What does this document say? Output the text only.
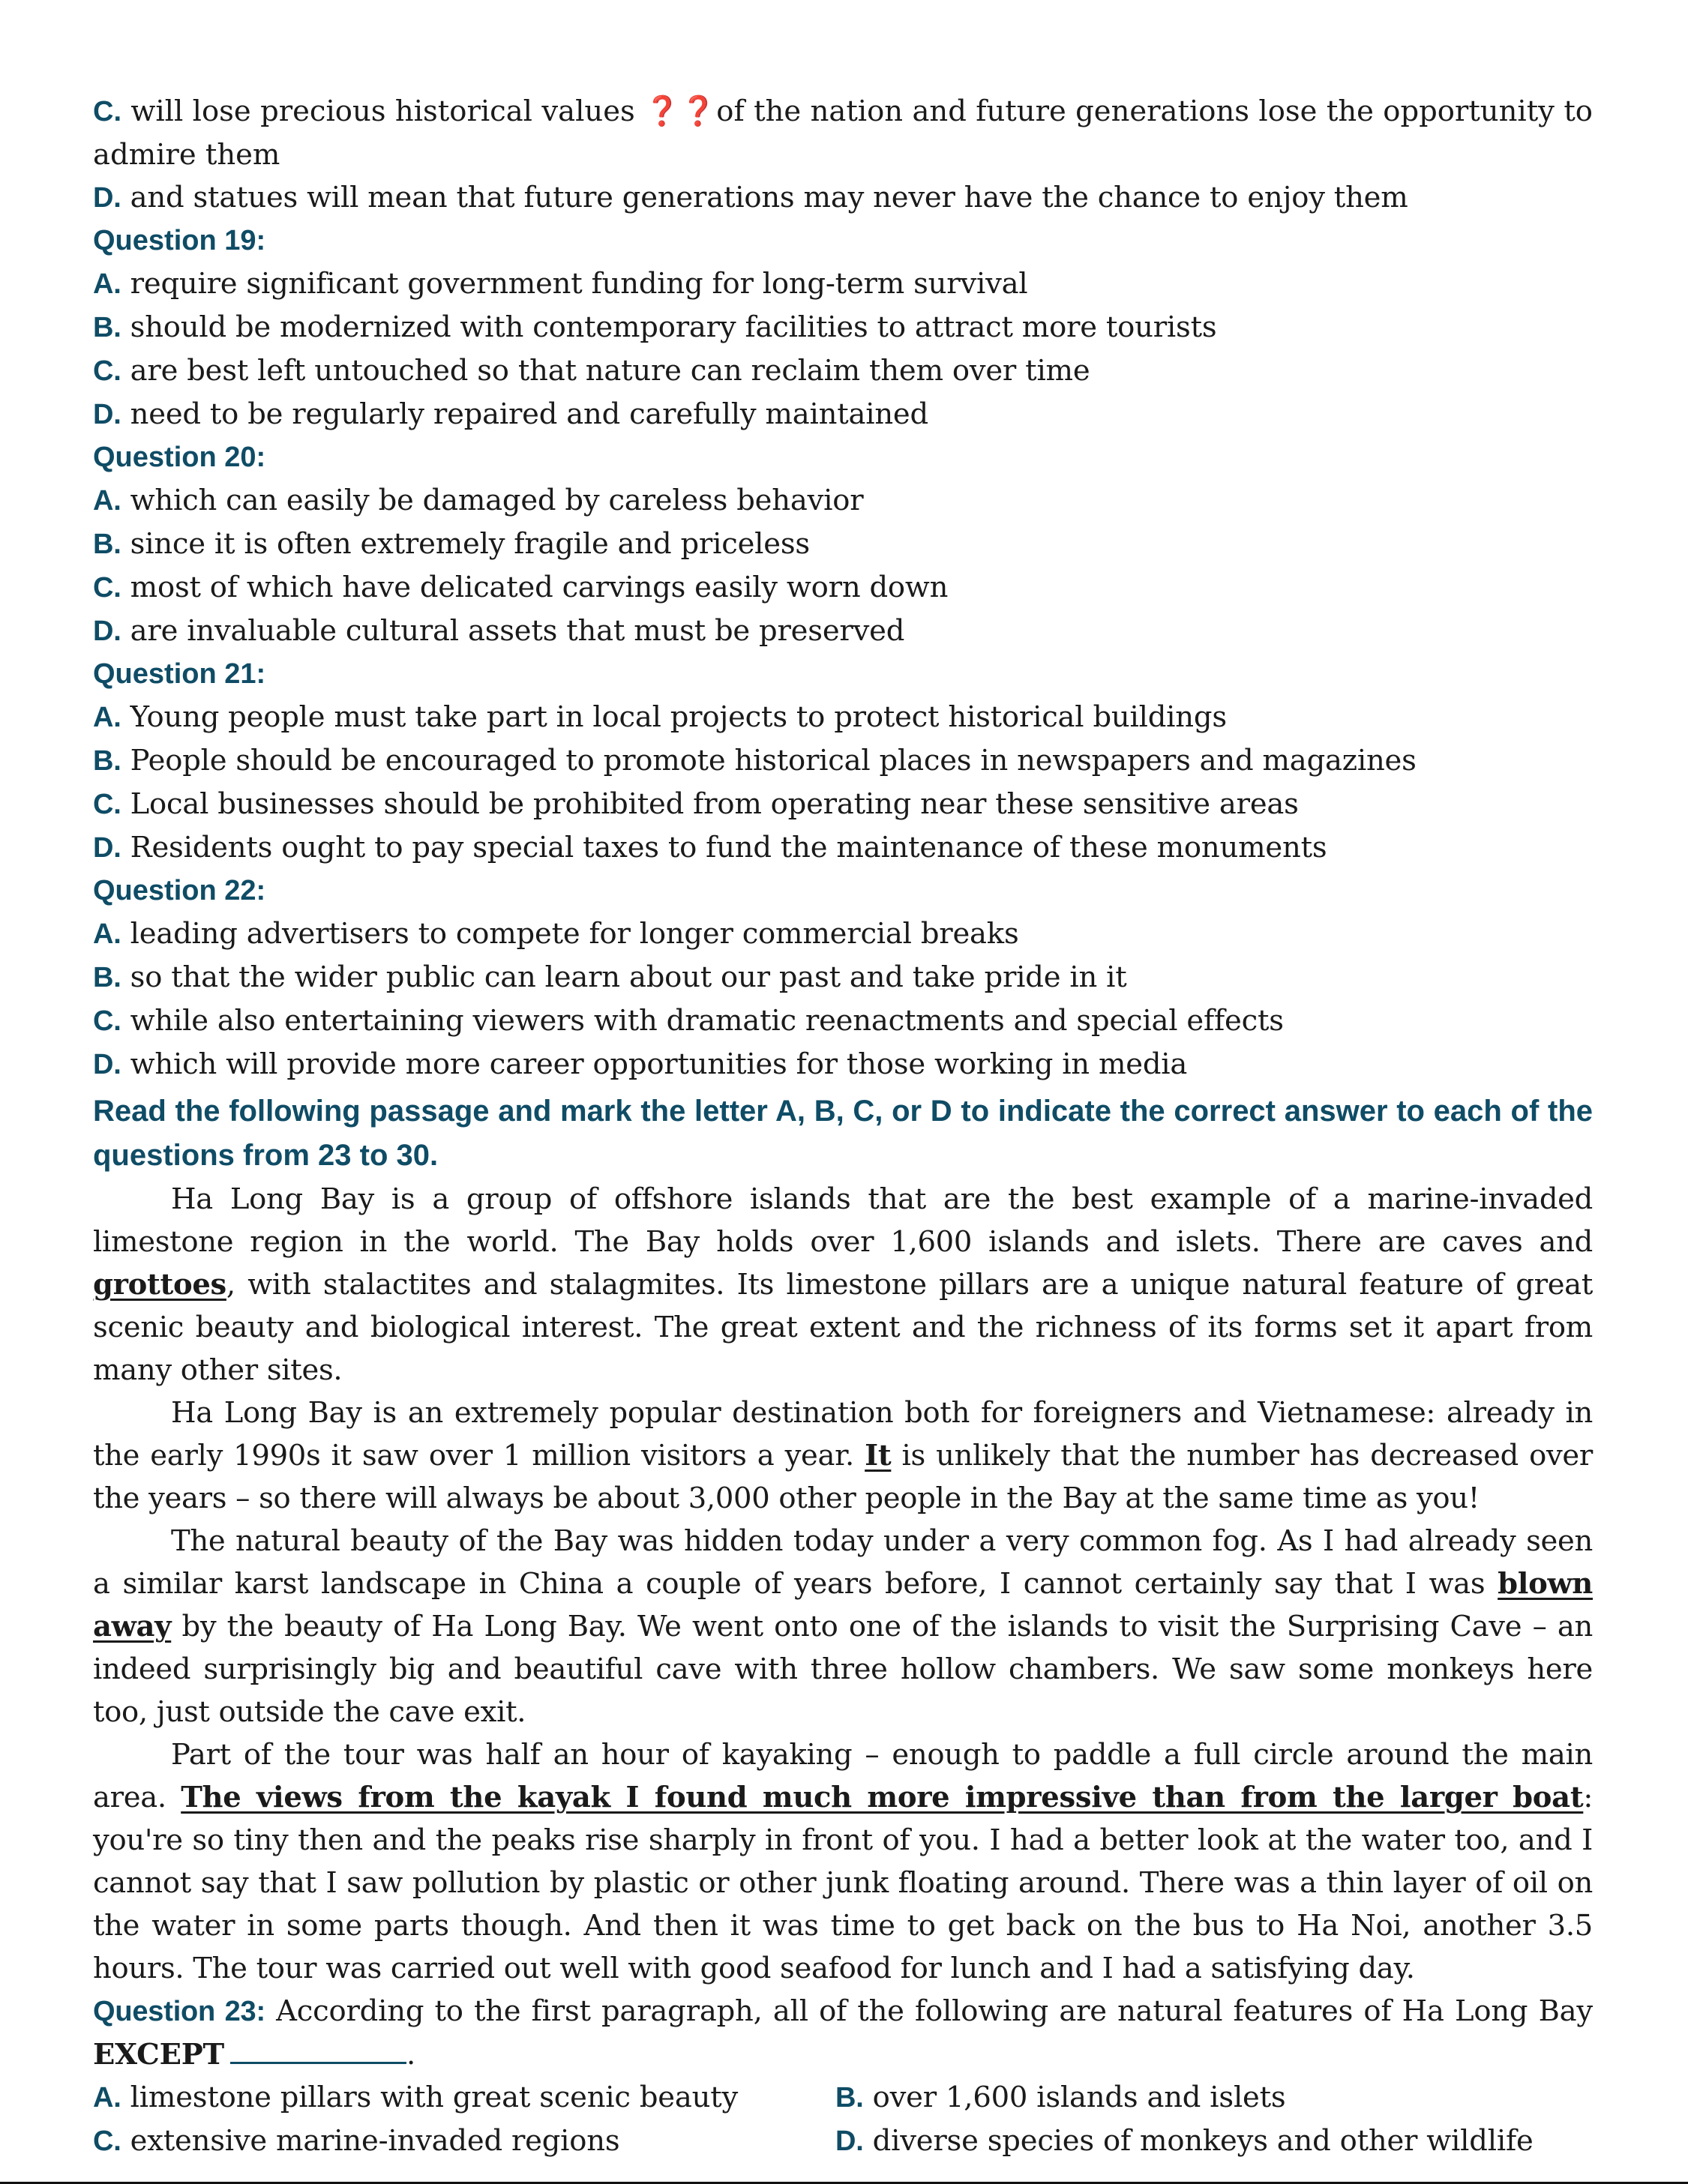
C. will lose precious historical values ❓❓of the nation and future generations lose the opportunity to admire them
D. and statues will mean that future generations may never have the chance to enjoy them
Question 19:
A. require significant government funding for long-term survival
B. should be modernized with contemporary facilities to attract more tourists
C. are best left untouched so that nature can reclaim them over time
D. need to be regularly repaired and carefully maintained
Question 20:
A. which can easily be damaged by careless behavior
B. since it is often extremely fragile and priceless
C. most of which have delicated carvings easily worn down
D. are invaluable cultural assets that must be preserved
Question 21:
A. Young people must take part in local projects to protect historical buildings
B. People should be encouraged to promote historical places in newspapers and magazines
C. Local businesses should be prohibited from operating near these sensitive areas
D. Residents ought to pay special taxes to fund the maintenance of these monuments
Question 22:
A. leading advertisers to compete for longer commercial breaks
B. so that the wider public can learn about our past and take pride in it
C. while also entertaining viewers with dramatic reenactments and special effects
D. which will provide more career opportunities for those working in media
Read the following passage and mark the letter A, B, C, or D to indicate the correct answer to each of the questions from 23 to 30.

Ha Long Bay is a group of offshore islands that are the best example of a marine-invaded limestone region in the world. The Bay holds over 1,600 islands and islets. There are caves and grottoes, with stalactites and stalagmites. Its limestone pillars are a unique natural feature of great scenic beauty and biological interest. The great extent and the richness of its forms set it apart from many other sites.

Ha Long Bay is an extremely popular destination both for foreigners and Vietnamese: already in the early 1990s it saw over 1 million visitors a year. It is unlikely that the number has decreased over the years – so there will always be about 3,000 other people in the Bay at the same time as you!

The natural beauty of the Bay was hidden today under a very common fog. As I had already seen a similar karst landscape in China a couple of years before, I cannot certainly say that I was blown away by the beauty of Ha Long Bay. We went onto one of the islands to visit the Surprising Cave – an indeed surprisingly big and beautiful cave with three hollow chambers. We saw some monkeys here too, just outside the cave exit.

Part of the tour was half an hour of kayaking – enough to paddle a full circle around the main area. The views from the kayak I found much more impressive than from the larger boat: you're so tiny then and the peaks rise sharply in front of you. I had a better look at the water too, and I cannot say that I saw pollution by plastic or other junk floating around. There was a thin layer of oil on the water in some parts though. And then it was time to get back on the bus to Ha Noi, another 3.5 hours. The tour was carried out well with good seafood for lunch and I had a satisfying day.

Question 23: According to the first paragraph, all of the following are natural features of Ha Long Bay EXCEPT	.
A. limestone pillars with great scenic beauty	B. over 1,600 islands and islets
C. extensive marine-invaded regions	D. diverse species of monkeys and other wildlife
